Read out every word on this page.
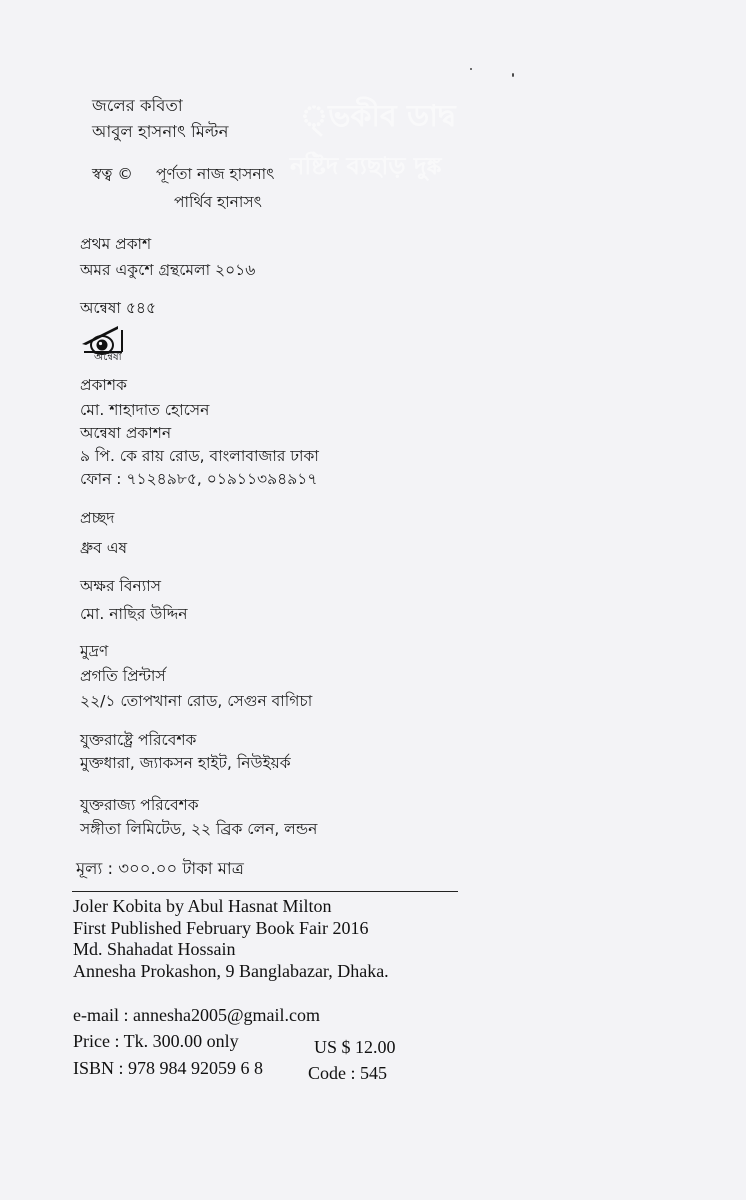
্ভকীব ডাদ্ব
নষ্টিদ ব্যছাড় দুঙ্ক
জলের কবিতা
আবুল হাসনাৎ মিল্টন
স্বত্ব © পূর্ণতা নাজ হাসনাৎ
পার্থিব হানাসৎ
প্রথম প্রকাশ
অমর একুশে গ্রন্থমেলা ২০১৬
অন্বেষা ৫৪৫
অন্বেষা
প্রকাশক
মো. শাহাদাত হোসেন
অন্বেষা প্রকাশন
৯ পি. কে রায় রোড, বাংলাবাজার ঢাকা
ফোন : ৭১২৪৯৮৫, ০১৯১১৩৯৪৯১৭
প্রচ্ছদ
ধ্রুব এষ
অক্ষর বিন্যাস
মো. নাছির উদ্দিন
মুদ্রণ
প্রগতি প্রিন্টার্স
২২/১ তোপখানা রোড, সেগুন বাগিচা
যুক্তরাষ্ট্রে পরিবেশক
মুক্তধারা, জ্যাকসন হাইট, নিউইয়র্ক
যুক্তরাজ্য পরিবেশক
সঙ্গীতা লিমিটেড, ২২ ব্রিক লেন, লন্ডন
মূল্য : ৩০০.০০ টাকা মাত্র
Joler Kobita by Abul Hasnat Milton
First Published February Book Fair 2016
Md. Shahadat Hossain
Annesha Prokashon, 9 Banglabazar, Dhaka.
e-mail : annesha2005@gmail.com
Price : Tk. 300.00 only	US $ 12.00
ISBN : 978 984 92059 6 8 Code : 545
